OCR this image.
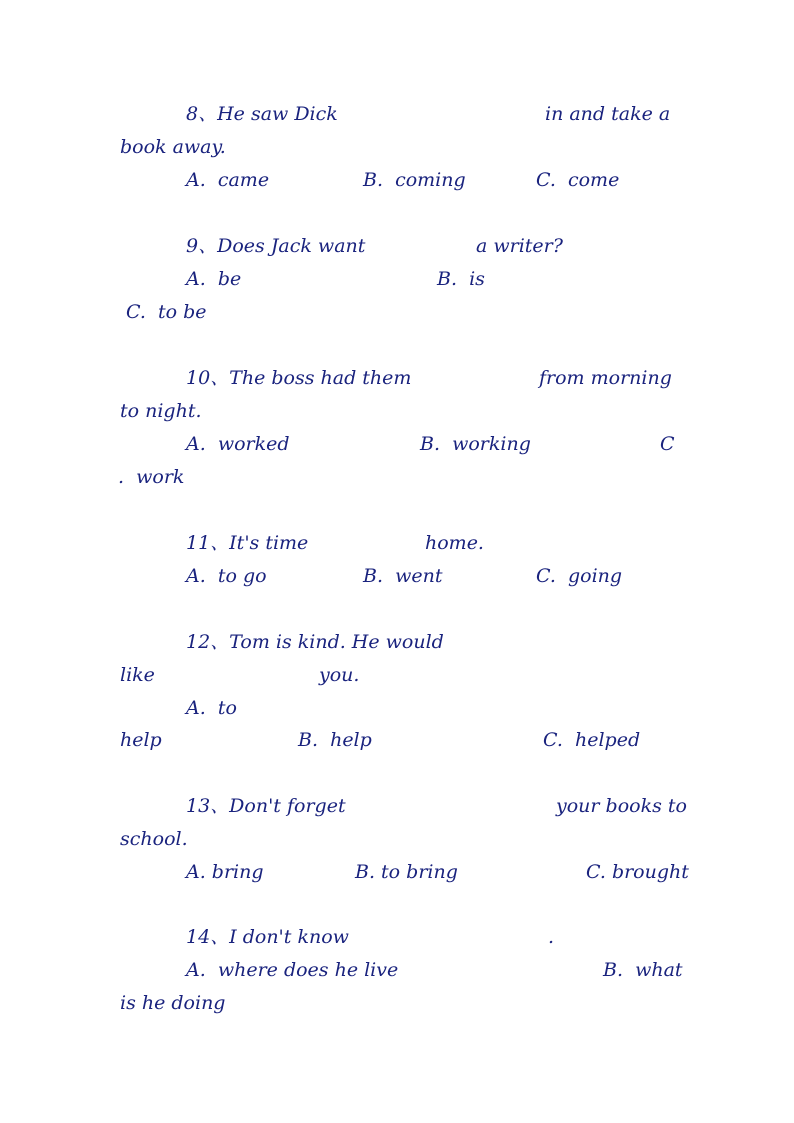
8、He saw Dick	in and take a
book away.
A.  came	B.  coming	C.  come
9、Does Jack want	a writer?
A.  be	B.  is
C.  to be
10、The boss had them	from morning
to night.
A.  worked	B.  working	C
.  work
11、It's time	home.
A.  to go	B.  went	C.  going
12、Tom is kind. He would
like	you.
A.  to
help	B.  help	C.  helped
13、Don't forget	your books to
school.
A. bring	B. to bring	C. brought
14、I don't know	.
A.  where does he live	B.  what
is he doing
